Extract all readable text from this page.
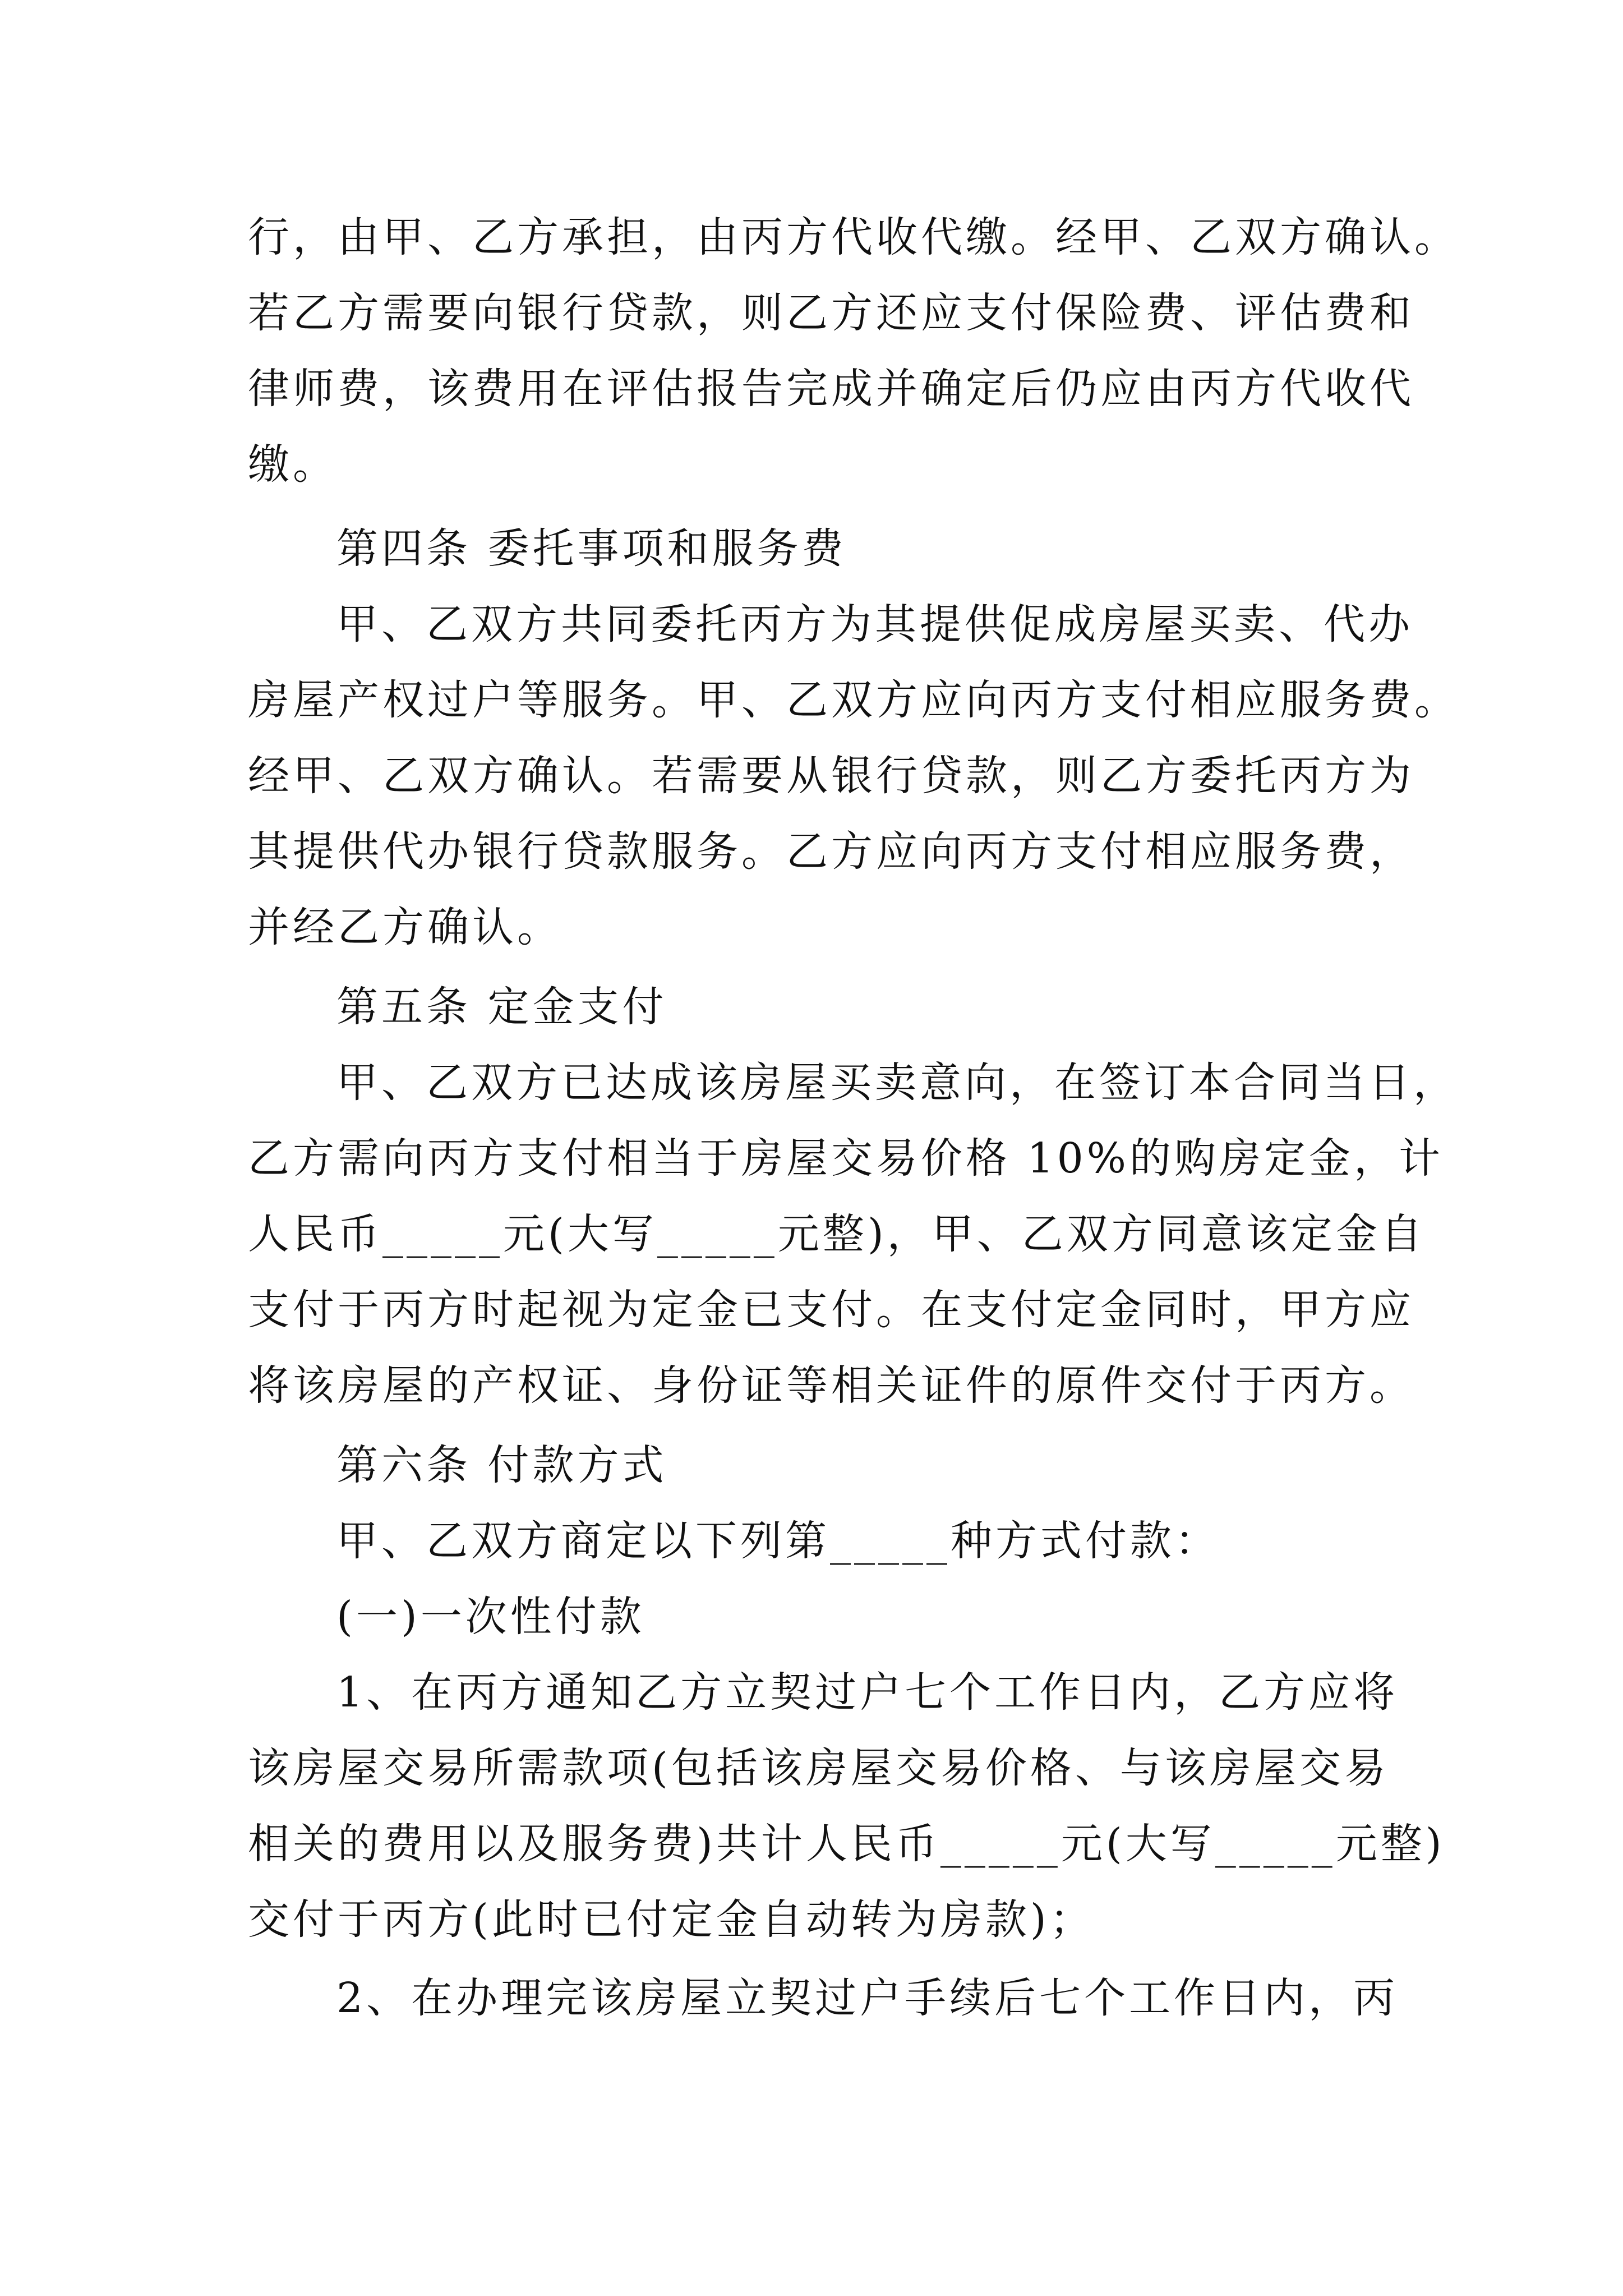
行，由甲、乙方承担，由丙方代收代缴。经甲、乙双方确认。
若乙方需要向银行贷款，则乙方还应支付保险费、评估费和
律师费，该费用在评估报告完成并确定后仍应由丙方代收代
缴。
第四条 委托事项和服务费
甲、乙双方共同委托丙方为其提供促成房屋买卖、代办
房屋产权过户等服务。甲、乙双方应向丙方支付相应服务费。
经甲、乙双方确认。若需要从银行贷款，则乙方委托丙方为
其提供代办银行贷款服务。乙方应向丙方支付相应服务费，
并经乙方确认。
第五条 定金支付
甲、乙双方已达成该房屋买卖意向，在签订本合同当日，
乙方需向丙方支付相当于房屋交易价格 10%的购房定金，计
人民币_____元(大写_____元整)，甲、乙双方同意该定金自
支付于丙方时起视为定金已支付。在支付定金同时，甲方应
将该房屋的产权证、身份证等相关证件的原件交付于丙方。
第六条 付款方式
甲、乙双方商定以下列第_____种方式付款：
(一)一次性付款
1、在丙方通知乙方立契过户七个工作日内，乙方应将
该房屋交易所需款项(包括该房屋交易价格、与该房屋交易
相关的费用以及服务费)共计人民币_____元(大写_____元整)
交付于丙方(此时已付定金自动转为房款)；
2、在办理完该房屋立契过户手续后七个工作日内，丙
